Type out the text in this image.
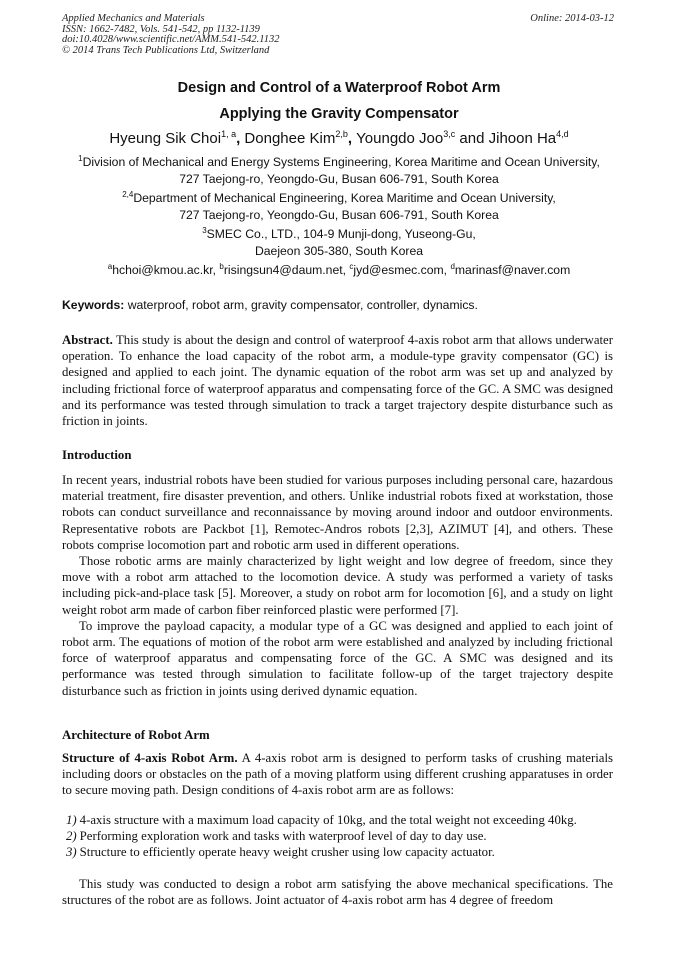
Applied Mechanics and Materials
ISSN: 1662-7482, Vols. 541-542, pp 1132-1139
doi:10.4028/www.scientific.net/AMM.541-542.1132
© 2014 Trans Tech Publications Ltd, Switzerland
Online: 2014-03-12
Design and Control of a Waterproof Robot Arm
Applying the Gravity Compensator
Hyeung Sik Choi$^{1, a}$, Donghee Kim$^{2,b}$, Youngdo Joo$^{3,c}$ and Jihoon Ha$^{4,d}$
$^1$Division of Mechanical and Energy Systems Engineering, Korea Maritime and Ocean University,
727 Taejong-ro, Yeongdo-Gu, Busan 606-791, South Korea
$^{2,4}$Department of Mechanical Engineering, Korea Maritime and Ocean University,
727 Taejong-ro, Yeongdo-Gu, Busan 606-791, South Korea
$^3$SMEC Co., LTD., 104-9 Munji-dong, Yuseong-Gu,
Daejeon 305-380, South Korea
$^a$hchoi@kmou.ac.kr, $^b$risingsun4@daum.net, $^c$jyd@esmec.com, $^d$marinasf@naver.com
Keywords: waterproof, robot arm, gravity compensator, controller, dynamics.

Abstract. This study is about the design and control of waterproof 4-axis robot arm that allows underwater operation. To enhance the load capacity of the robot arm, a module-type gravity compensator (GC) is designed and applied to each joint. The dynamic equation of the robot arm was set up and analyzed by including frictional force of waterproof apparatus and compensating force of the GC. A SMC was designed and its performance was tested through simulation to track a target trajectory despite disturbance such as friction in joints.

Introduction

In recent years, industrial robots have been studied for various purposes including personal care, hazardous material treatment, fire disaster prevention, and others. Unlike industrial robots fixed at workstation, those robots can conduct surveillance and reconnaissance by moving around indoor and outdoor environments. Representative robots are Packbot [1], Remotec-Andros robots [2,3], AZIMUT [4], and others. These robots comprise locomotion part and robotic arm used in different operations.

Those robotic arms are mainly characterized by light weight and low degree of freedom, since they move with a robot arm attached to the locomotion device. A study was performed a variety of tasks including pick-and-place task [5]. Moreover, a study on robot arm for locomotion [6], and a study on light weight robot arm made of carbon fiber reinforced plastic were performed [7].

To improve the payload capacity, a modular type of a GC was designed and applied to each joint of robot arm. The equations of motion of the robot arm were established and analyzed by including frictional force of waterproof apparatus and compensating force of the GC. A SMC was designed and its performance was tested through simulation to facilitate follow-up of the target trajectory despite disturbance such as friction in joints using derived dynamic equation.

Architecture of Robot Arm

Structure of 4-axis Robot Arm. A 4-axis robot arm is designed to perform tasks of crushing materials including doors or obstacles on the path of a moving platform using different crushing apparatuses in order to secure moving path. Design conditions of 4-axis robot arm are as follows:

1) 4-axis structure with a maximum load capacity of 10kg, and the total weight not exceeding 40kg.
2) Performing exploration work and tasks with waterproof level of day to day use.
3) Structure to efficiently operate heavy weight crusher using low capacity actuator.

This study was conducted to design a robot arm satisfying the above mechanical specifications. The structures of the robot are as follows. Joint actuator of 4-axis robot arm has 4 degree of freedom
